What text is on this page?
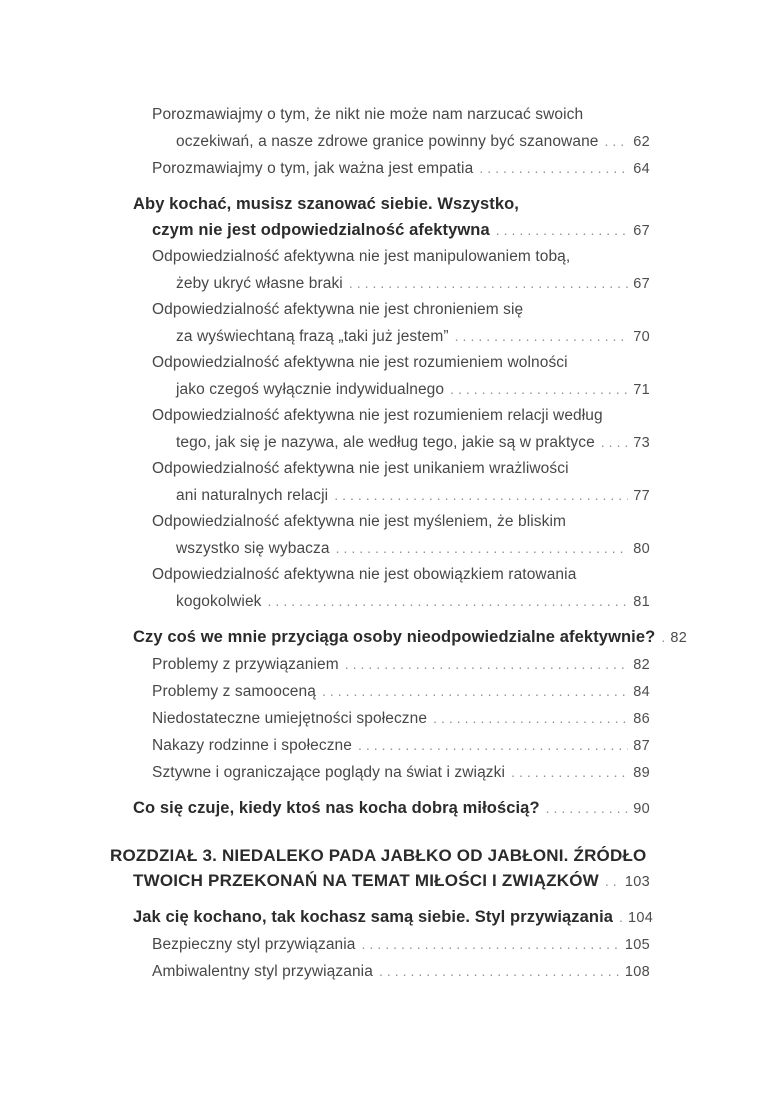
Porozmawiajmy o tym, że nikt nie może nam narzucać swoich
oczekiwań, a nasze zdrowe granice powinny być szanowane ..... 62
Porozmawiajmy o tym, jak ważna jest empatia .....	64
Aby kochać, musisz szanować siebie. Wszystko,
czym nie jest odpowiedzialność afektywna .....	67
Odpowiedzialność afektywna nie jest manipulowaniem tobą,
żeby ukryć własne braki .....	67
Odpowiedzialność afektywna nie jest chronieniem się
za wyświechtaną frazą „taki już jestem” .....	70
Odpowiedzialność afektywna nie jest rozumieniem wolności
jako czegoś wyłącznie indywidualnego .....	71
Odpowiedzialność afektywna nie jest rozumieniem relacji według
tego, jak się je nazywa, ale według tego, jakie są w praktyce .....	73
Odpowiedzialność afektywna nie jest unikaniem wrażliwości
ani naturalnych relacji .....	77
Odpowiedzialność afektywna nie jest myśleniem, że bliskim
wszystko się wybacza .....	80
Odpowiedzialność afektywna nie jest obowiązkiem ratowania
kogokolwiek .....	81
Czy coś we mnie przyciąga osoby nieodpowiedzialne afektywnie? ..... 82
Problemy z przywiązaniem .....	82
Problemy z samooceną .....	84
Niedostateczne umiejętności społeczne .....	86
Nakazy rodzinne i społeczne .....	87
Sztywne i ograniczające poglądy na świat i związki .....	89
Co się czuje, kiedy ktoś nas kocha dobrą miłością? .....	90
ROZDZIAŁ 3. NIEDALEKO PADA JABŁKO OD JABŁONI. ŹRÓDŁO
TWOICH PRZEKONAŃ NA TEMAT MIŁOŚCI I ZWIĄZKÓW ..... 103
Jak cię kochano, tak kochasz samą siebie. Styl przywiązania ..... 104
Bezpieczny styl przywiązania .....	105
Ambiwalentny styl przywiązania .....	108
